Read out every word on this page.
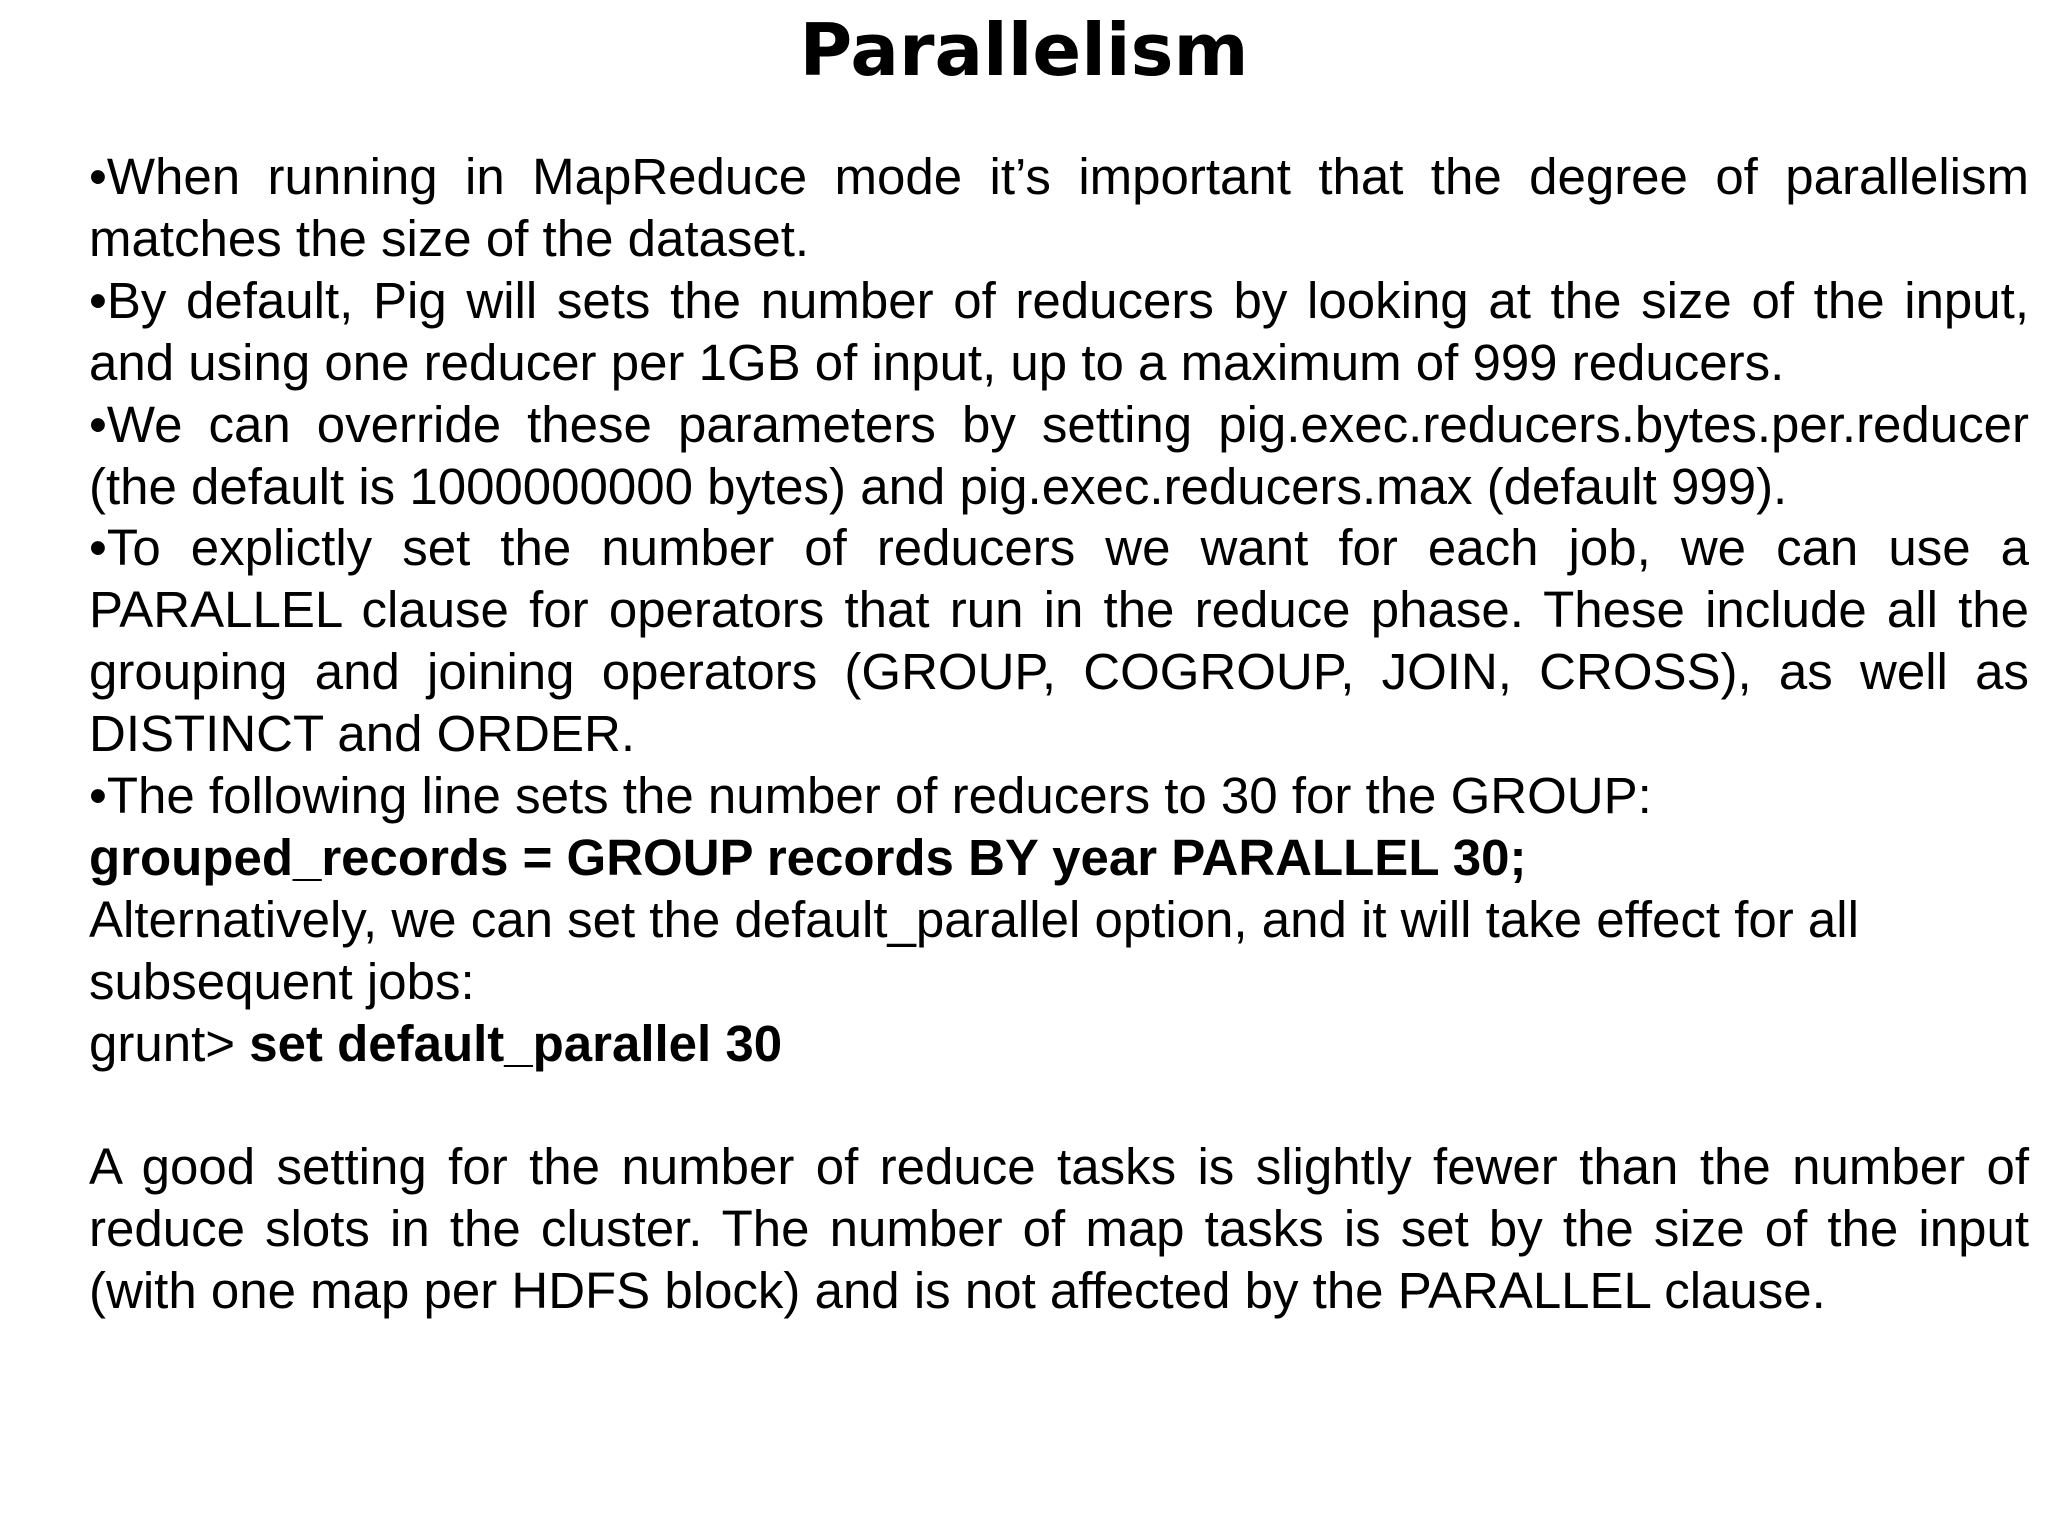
Parallelism

•When running in MapReduce mode it’s important that the degree of parallelism matches the size of the dataset.

•By default, Pig will sets the number of reducers by looking at the size of the input, and using one reducer per 1GB of input, up to a maximum of 999 reducers.

•We can override these parameters by setting pig.exec.reducers.bytes.per.reducer (the default is 1000000000 bytes) and pig.exec.reducers.max (default 999).

•To explictly set the number of reducers we want for each job, we can use a PARALLEL clause for operators that run in the reduce phase. These include all the grouping and joining operators (GROUP, COGROUP, JOIN, CROSS), as well as DISTINCT and ORDER.

•The following line sets the number of reducers to 30 for the GROUP:

grouped_records = GROUP records BY year PARALLEL 30;

Alternatively, we can set the default_parallel option, and it will take effect for all subsequent jobs:

grunt> set default_parallel 30

A good setting for the number of reduce tasks is slightly fewer than the number of reduce slots in the cluster. The number of map tasks is set by the size of the input (with one map per HDFS block) and is not affected by the PARALLEL clause.
